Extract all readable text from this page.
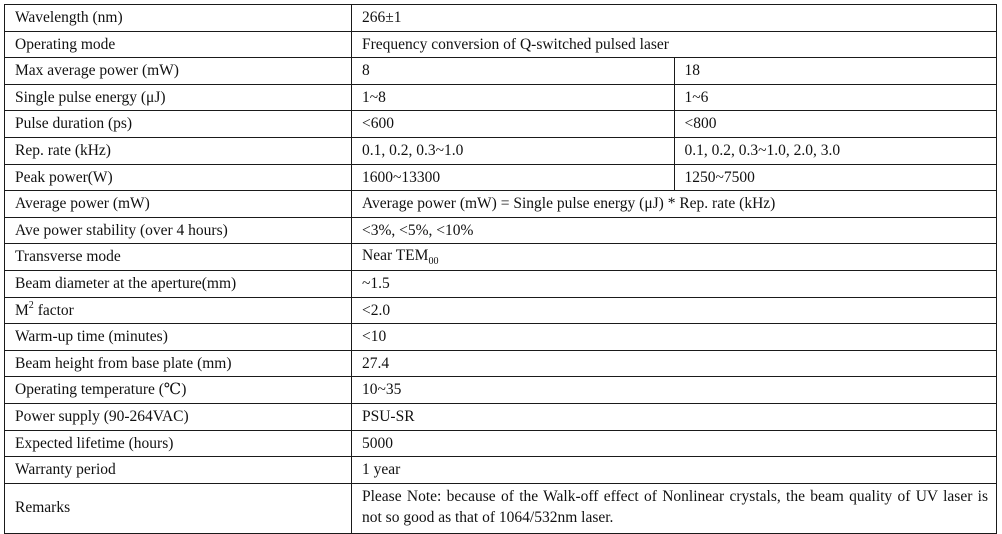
Wavelength (nm)	266±1	
Operating mode	Frequency conversion of Q-switched pulsed laser	
Max average power (mW)	8	18
Single pulse energy (μJ)	1~8	1~6
Pulse duration (ps)	<600	<800
Rep. rate (kHz)	0.1, 0.2, 0.3~1.0	0.1, 0.2, 0.3~1.0, 2.0, 3.0
Peak power(W)	1600~13300	1250~7500
Average power (mW)	Average power (mW) = Single pulse energy (μJ) * Rep. rate (kHz)	
Ave power stability (over 4 hours)	<3%, <5%, <10%	
Transverse mode	Near $TEM_{00}$
Beam diameter at the aperture(mm)	~1.5	
$M^2$ factor	<2.0	
Warm-up time (minutes)	<10	
Beam height from base plate (mm)	27.4	
Operating temperature (℃)	10~35	
Power supply (90-264VAC)	PSU-SR	
Expected lifetime (hours)	5000	
Warranty period	1 year	
Remarks	Please Note: because of the Walk-off effect of Nonlinear crystals, the beam quality of UV laser is not so good as that of 1064/532nm laser.	
